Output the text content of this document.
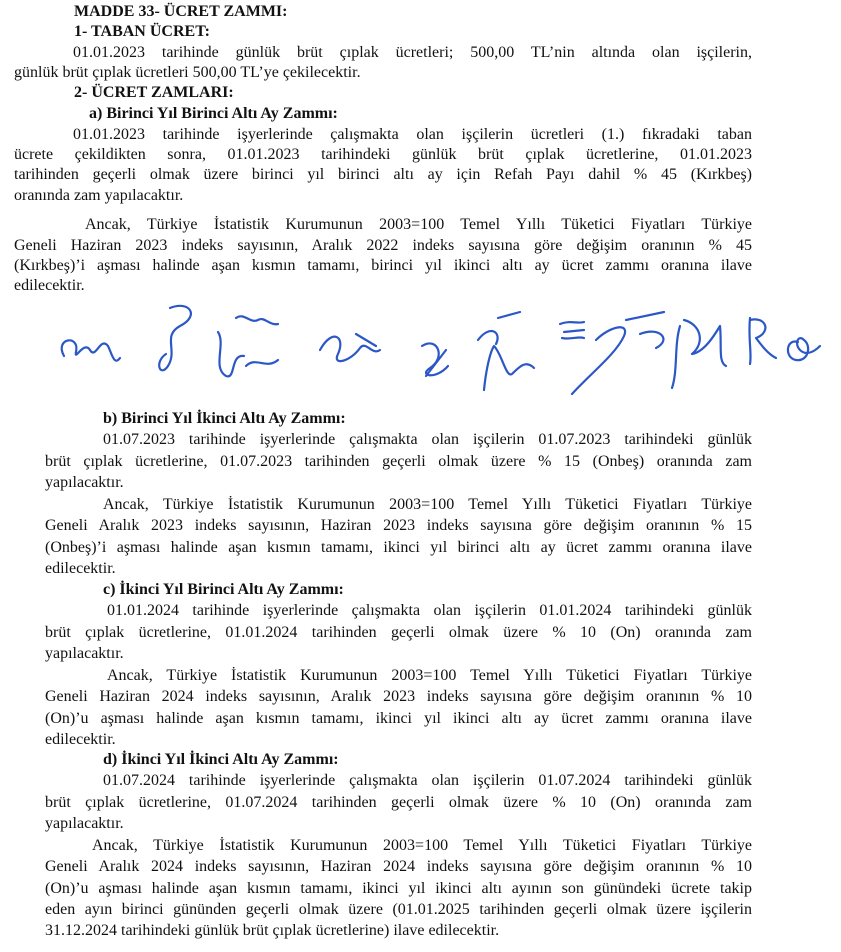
MADDE 33- ÜCRET ZAMMI:
1- TABAN ÜCRET:
01.01.2023 tarihinde günlük brüt çıplak ücretleri; 500,00 TL’nin altında olan işçilerin,
günlük brüt çıplak ücretleri 500,00 TL’ye çekilecektir.
2- ÜCRET ZAMLARI:
a) Birinci Yıl Birinci Altı Ay Zammı:
01.01.2023 tarihinde işyerlerinde çalışmakta olan işçilerin ücretleri (1.) fıkradaki taban
ücrete çekildikten sonra, 01.01.2023 tarihindeki günlük brüt çıplak ücretlerine, 01.01.2023
tarihinden geçerli olmak üzere birinci yıl birinci altı ay için Refah Payı dahil % 45 (Kırkbeş)
oranında zam yapılacaktır.
Ancak, Türkiye İstatistik Kurumunun 2003=100 Temel Yıllı Tüketici Fiyatları Türkiye
Geneli Haziran 2023 indeks sayısının, Aralık 2022 indeks sayısına göre değişim oranının % 45
(Kırkbeş)’i aşması halinde aşan kısmın tamamı, birinci yıl ikinci altı ay ücret zammı oranına ilave
edilecektir.
b) Birinci Yıl İkinci Altı Ay Zammı:
01.07.2023 tarihinde işyerlerinde çalışmakta olan işçilerin 01.07.2023 tarihindeki günlük
brüt çıplak ücretlerine, 01.07.2023 tarihinden geçerli olmak üzere % 15 (Onbeş) oranında zam
yapılacaktır.
Ancak, Türkiye İstatistik Kurumunun 2003=100 Temel Yıllı Tüketici Fiyatları Türkiye
Geneli Aralık 2023 indeks sayısının, Haziran 2023 indeks sayısına göre değişim oranının % 15
(Onbeş)’i aşması halinde aşan kısmın tamamı, ikinci yıl birinci altı ay ücret zammı oranına ilave
edilecektir.
c) İkinci Yıl Birinci Altı Ay Zammı:
01.01.2024 tarihinde işyerlerinde çalışmakta olan işçilerin 01.01.2024 tarihindeki günlük
brüt çıplak ücretlerine, 01.01.2024 tarihinden geçerli olmak üzere % 10 (On) oranında zam
yapılacaktır.
Ancak, Türkiye İstatistik Kurumunun 2003=100 Temel Yıllı Tüketici Fiyatları Türkiye
Geneli Haziran 2024 indeks sayısının, Aralık 2023 indeks sayısına göre değişim oranının % 10
(On)’u aşması halinde aşan kısmın tamamı, ikinci yıl ikinci altı ay ücret zammı oranına ilave
edilecektir.
d) İkinci Yıl İkinci Altı Ay Zammı:
01.07.2024 tarihinde işyerlerinde çalışmakta olan işçilerin 01.07.2024 tarihindeki günlük
brüt çıplak ücretlerine, 01.07.2024 tarihinden geçerli olmak üzere % 10 (On) oranında zam
yapılacaktır.
Ancak, Türkiye İstatistik Kurumunun 2003=100 Temel Yıllı Tüketici Fiyatları Türkiye
Geneli Aralık 2024 indeks sayısının, Haziran 2024 indeks sayısına göre değişim oranının % 10
(On)’u aşması halinde aşan kısmın tamamı, ikinci yıl ikinci altı ayının son günündeki ücrete takip
eden ayın birinci gününden geçerli olmak üzere (01.01.2025 tarihinden geçerli olmak üzere işçilerin
31.12.2024 tarihindeki günlük brüt çıplak ücretlerine) ilave edilecektir.
